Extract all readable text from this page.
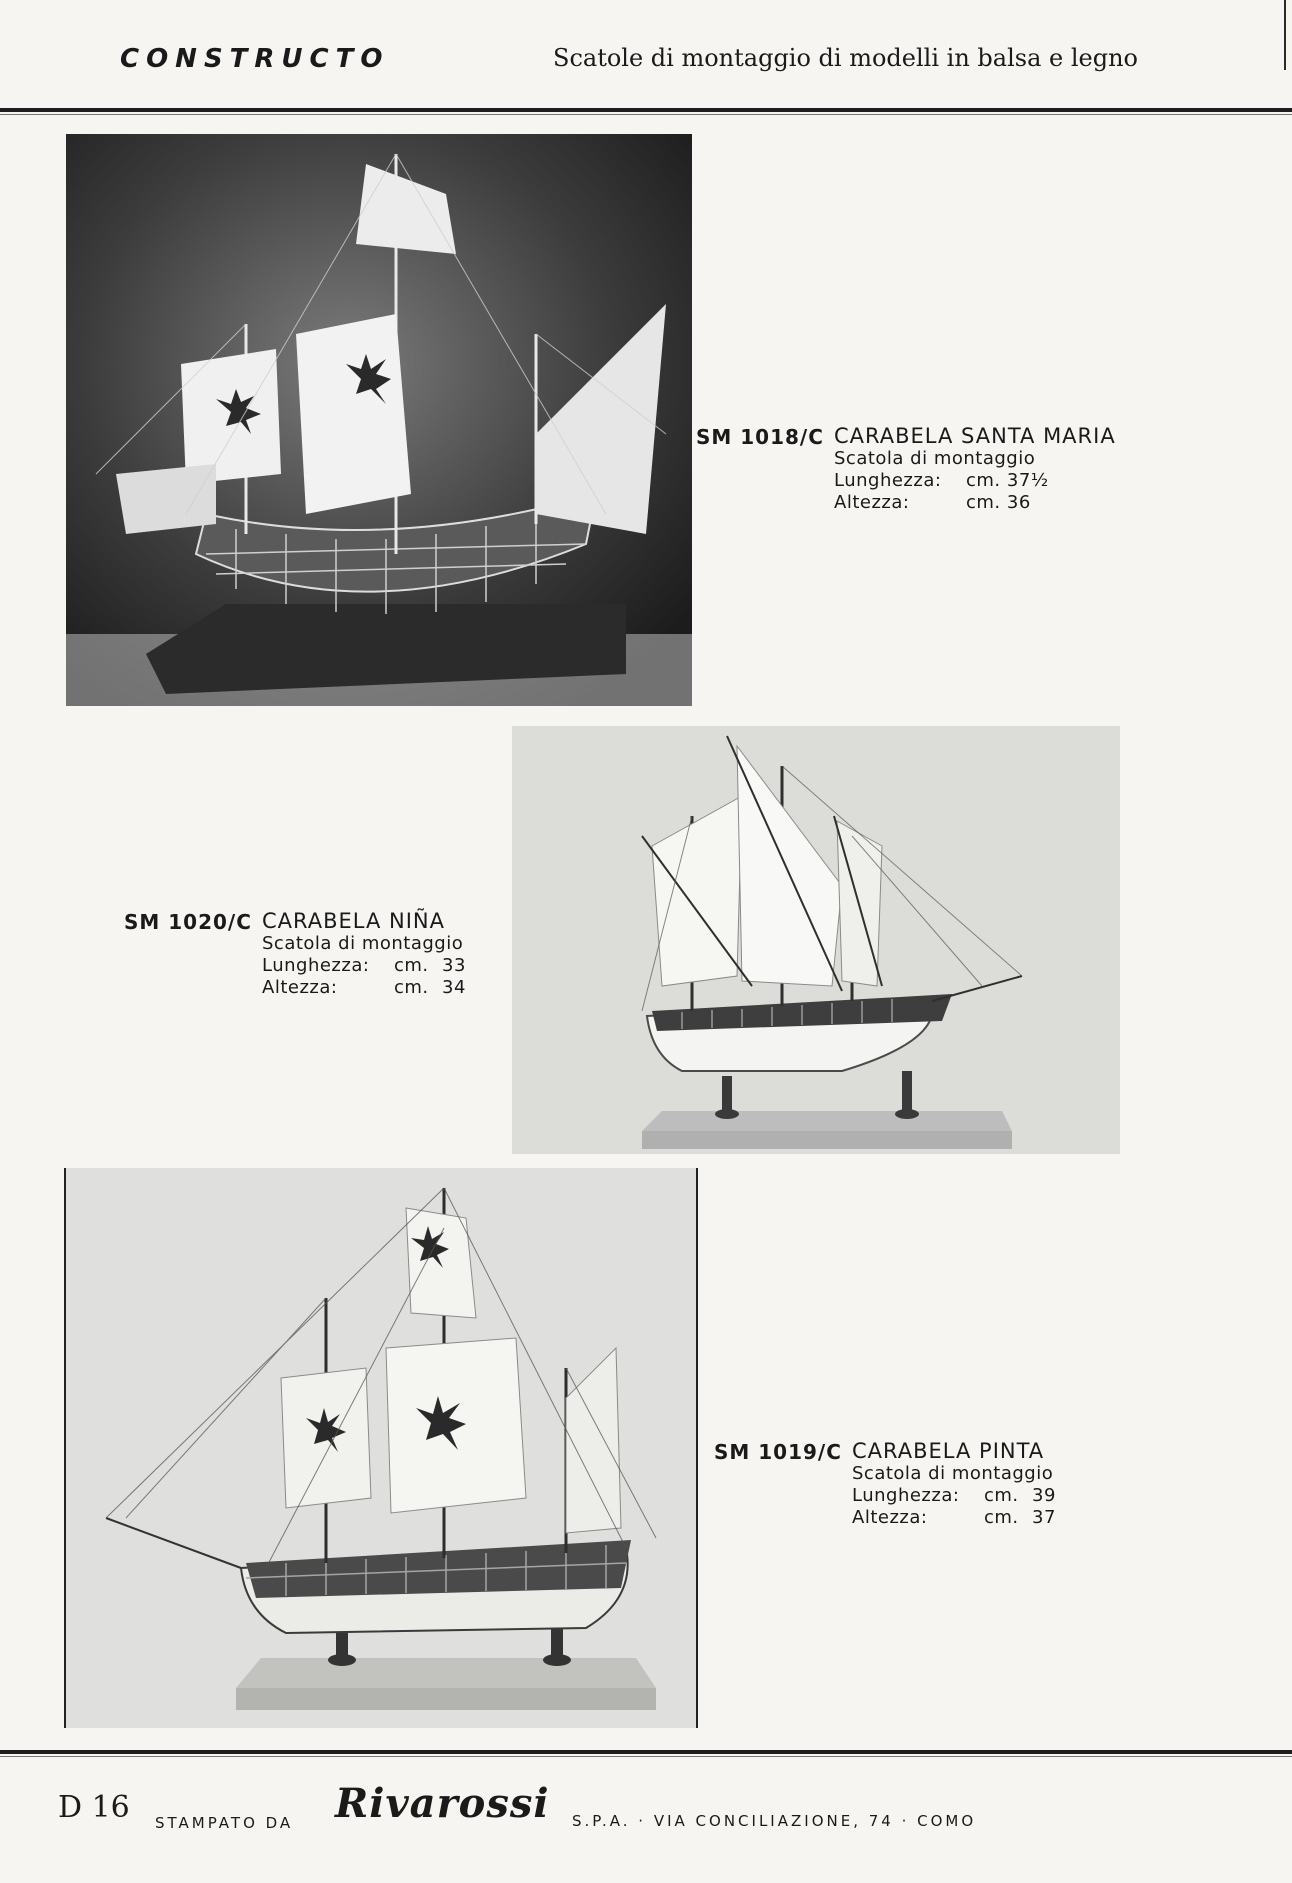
CONSTRUCTO	Scatole di montaggio di modelli in balsa e legno
SM 1018/C CARABELA SANTA MARIA
Scatola di montaggio
Lunghezza:	cm. 37½
Altezza:	cm. 36
SM 1020/C CARABELA NIÑA
Scatola di montaggio
Lunghezza:	cm. 33
Altezza:	cm. 34
SM 1019/C CARABELA PINTA
Scatola di montaggio
Lunghezza:	cm. 39
Altezza:	cm. 37
D 16 STAMPATO DA Rivarossi S.P.A. · VIA CONCILIAZIONE, 74 · COMO
